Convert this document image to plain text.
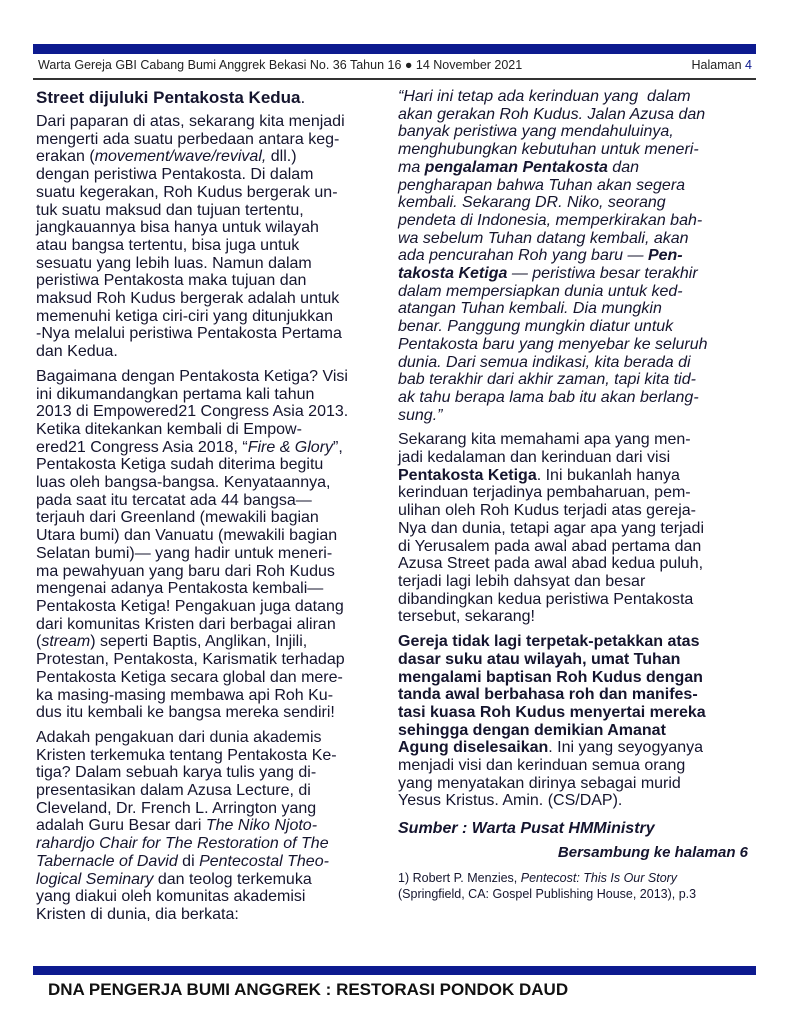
Warta Gereja GBI Cabang Bumi Anggrek Bekasi No. 36 Tahun 16 ● 14 November 2021	Halaman 4

Street dijuluki Pentakosta Kedua.

Dari paparan di atas, sekarang kita menjadi
mengerti ada suatu perbedaan antara keg-
erakan (movement/wave/revival, dll.)
dengan peristiwa Pentakosta. Di dalam
suatu kegerakan, Roh Kudus bergerak un-
tuk suatu maksud dan tujuan tertentu,
jangkauannya bisa hanya untuk wilayah
atau bangsa tertentu, bisa juga untuk
sesuatu yang lebih luas. Namun dalam
peristiwa Pentakosta maka tujuan dan
maksud Roh Kudus bergerak adalah untuk
memenuhi ketiga ciri-ciri yang ditunjukkan
-Nya melalui peristiwa Pentakosta Pertama
dan Kedua.

Bagaimana dengan Pentakosta Ketiga? Visi
ini dikumandangkan pertama kali tahun
2013 di Empowered21 Congress Asia 2013.
Ketika ditekankan kembali di Empow-
ered21 Congress Asia 2018, “Fire & Glory”,
Pentakosta Ketiga sudah diterima begitu
luas oleh bangsa-bangsa. Kenyataannya,
pada saat itu tercatat ada 44 bangsa—
terjauh dari Greenland (mewakili bagian
Utara bumi) dan Vanuatu (mewakili bagian
Selatan bumi)— yang hadir untuk meneri-
ma pewahyuan yang baru dari Roh Kudus
mengenai adanya Pentakosta kembali—
Pentakosta Ketiga! Pengakuan juga datang
dari komunitas Kristen dari berbagai aliran
(stream) seperti Baptis, Anglikan, Injili,
Protestan, Pentakosta, Karismatik terhadap
Pentakosta Ketiga secara global dan mere-
ka masing-masing membawa api Roh Ku-
dus itu kembali ke bangsa mereka sendiri!

Adakah pengakuan dari dunia akademis
Kristen terkemuka tentang Pentakosta Ke-
tiga? Dalam sebuah karya tulis yang di-
presentasikan dalam Azusa Lecture, di
Cleveland, Dr. French L. Arrington yang
adalah Guru Besar dari The Niko Njoto-
rahardjo Chair for The Restoration of The
Tabernacle of David di Pentecostal Theo-
logical Seminary dan teolog terkemuka
yang diakui oleh komunitas akademisi
Kristen di dunia, dia berkata:

“Hari ini tetap ada kerinduan yang  dalam
akan gerakan Roh Kudus. Jalan Azusa dan
banyak peristiwa yang mendahuluinya,
menghubungkan kebutuhan untuk meneri-
ma pengalaman Pentakosta dan
pengharapan bahwa Tuhan akan segera
kembali. Sekarang DR. Niko, seorang
pendeta di Indonesia, memperkirakan bah-
wa sebelum Tuhan datang kembali, akan
ada pencurahan Roh yang baru — Pen-
takosta Ketiga — peristiwa besar terakhir
dalam mempersiapkan dunia untuk ked-
atangan Tuhan kembali. Dia mungkin
benar. Panggung mungkin diatur untuk
Pentakosta baru yang menyebar ke seluruh
dunia. Dari semua indikasi, kita berada di
bab terakhir dari akhir zaman, tapi kita tid-
ak tahu berapa lama bab itu akan berlang-
sung.”

Sekarang kita memahami apa yang men-
jadi kedalaman dan kerinduan dari visi
Pentakosta Ketiga. Ini bukanlah hanya
kerinduan terjadinya pembaharuan, pem-
ulihan oleh Roh Kudus terjadi atas gereja-
Nya dan dunia, tetapi agar apa yang terjadi
di Yerusalem pada awal abad pertama dan
Azusa Street pada awal abad kedua puluh,
terjadi lagi lebih dahsyat dan besar
dibandingkan kedua peristiwa Pentakosta
tersebut, sekarang!

Gereja tidak lagi terpetak-petakkan atas
dasar suku atau wilayah, umat Tuhan
mengalami baptisan Roh Kudus dengan
tanda awal berbahasa roh dan manifes-
tasi kuasa Roh Kudus menyertai mereka
sehingga dengan demikian Amanat
Agung diselesaikan. Ini yang seyogyanya
menjadi visi dan kerinduan semua orang
yang menyatakan dirinya sebagai murid
Yesus Kristus. Amin. (CS/DAP).

Sumber : Warta Pusat HMMinistry

Bersambung ke halaman 6

1) Robert P. Menzies, Pentecost: This Is Our Story
(Springfield, CA: Gospel Publishing House, 2013), p.3

DNA PENGERJA BUMI ANGGREK : RESTORASI PONDOK DAUD
